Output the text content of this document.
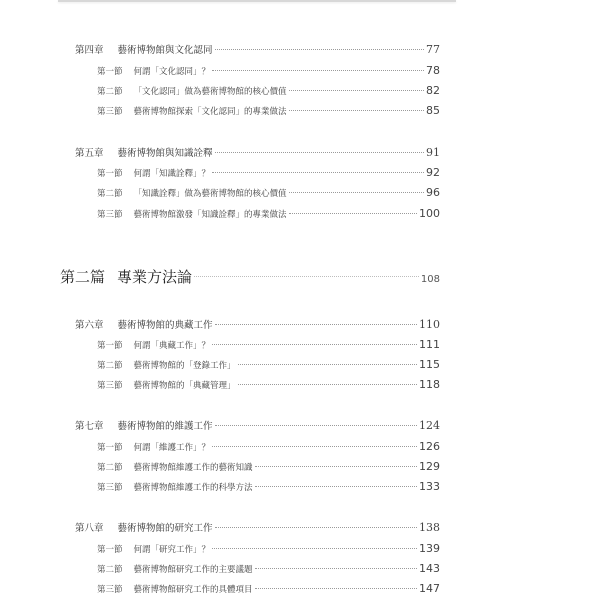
第四章 藝術博物館與文化認同	77
第一節 何謂「文化認同」？	78
第二節 「文化認同」做為藝術博物館的核心價值	82
第三節 藝術博物館探索「文化認同」的專業做法	85
第五章 藝術博物館與知識詮釋	91
第一節 何謂「知識詮釋」？	92
第二節 「知識詮釋」做為藝術博物館的核心價值	96
第三節 藝術博物館激發「知識詮釋」的專業做法	100
第二篇 專業方法論	108
第六章 藝術博物館的典藏工作	110
第一節 何謂「典藏工作」？	111
第二節 藝術博物館的「登錄工作」	115
第三節 藝術博物館的「典藏管理」	118
第七章 藝術博物館的維護工作	124
第一節 何謂「維護工作」？	126
第二節 藝術博物館維護工作的藝術知識	129
第三節 藝術博物館維護工作的科學方法	133
第八章 藝術博物館的研究工作	138
第一節 何謂「研究工作」？	139
第二節 藝術博物館研究工作的主要議題	143
第三節 藝術博物館研究工作的具體項目	147
